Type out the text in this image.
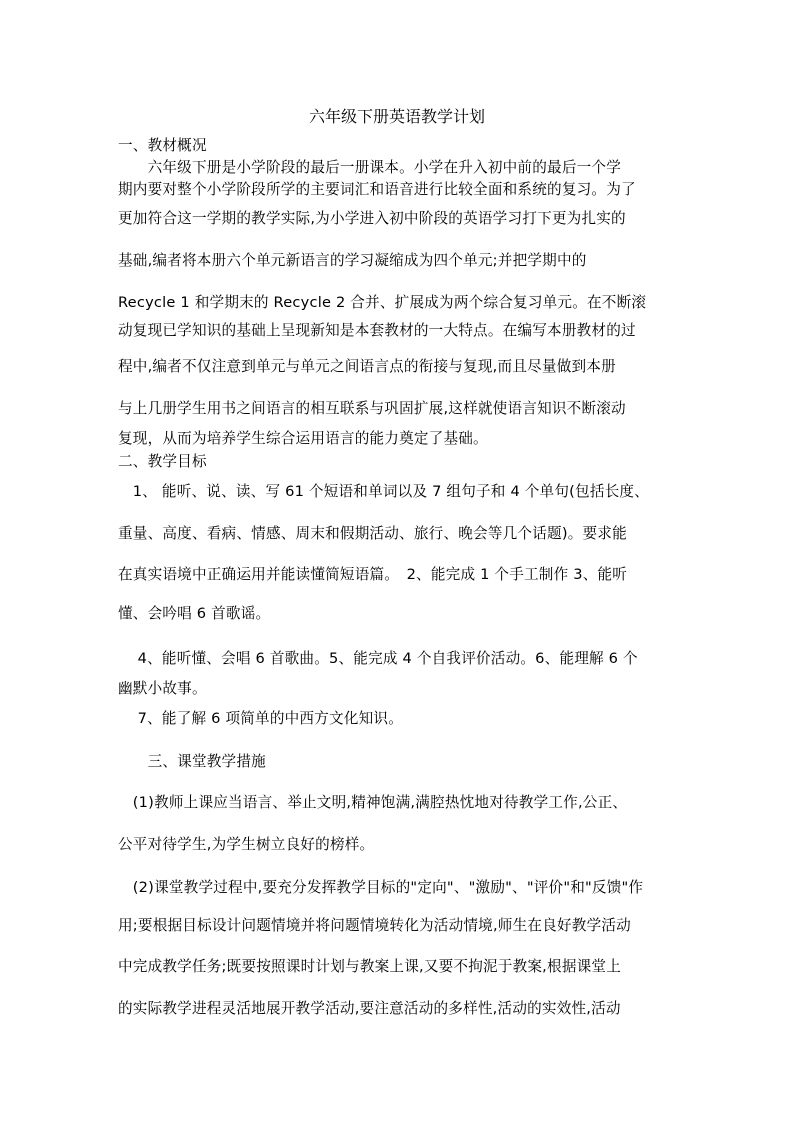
六年级下册英语教学计划
一、教材概况
　　六年级下册是小学阶段的最后一册课本。小学在升入初中前的最后一个学
期内要对整个小学阶段所学的主要词汇和语音进行比较全面和系统的复习。为了
更加符合这一学期的教学实际,为小学进入初中阶段的英语学习打下更为扎实的
基础,编者将本册六个单元新语言的学习凝缩成为四个单元;并把学期中的
Recycle 1 和学期末的 Recycle 2 合并、扩展成为两个综合复习单元。在不断滚
动复现已学知识的基础上呈现新知是本套教材的一大特点。在编写本册教材的过
程中,编者不仅注意到单元与单元之间语言点的衔接与复现,而且尽量做到本册
与上几册学生用书之间语言的相互联系与巩固扩展,这样就使语言知识不断滚动
复现，从而为培养学生综合运用语言的能力奠定了基础。
二、教学目标
　1、 能听、说、读、写 61 个短语和单词以及 7 组句子和 4 个单句(包括长度、
重量、高度、看病、情感、周末和假期活动、旅行、晚会等几个话题)。要求能
在真实语境中正确运用并能读懂简短语篇。　2、能完成 1 个手工制作 3、能听
懂、会吟唱 6 首歌谣。
　 4、能听懂、会唱 6 首歌曲。5、能完成 4 个自我评价活动。6、能理解 6 个
幽默小故事。
　 7、能了解 6 项简单的中西方文化知识。
　　三、课堂教学措施
　(1)教师上课应当语言、举止文明,精神饱满,满腔热忱地对待教学工作,公正、
公平对待学生,为学生树立良好的榜样。
　(2)课堂教学过程中,要充分发挥教学目标的"定向"、"激励"、"评价"和"反馈"作
用;要根据目标设计问题情境并将问题情境转化为活动情境,师生在良好教学活动
中完成教学任务;既要按照课时计划与教案上课,又要不拘泥于教案,根据课堂上
的实际教学进程灵活地展开教学活动,要注意活动的多样性,活动的实效性,活动
